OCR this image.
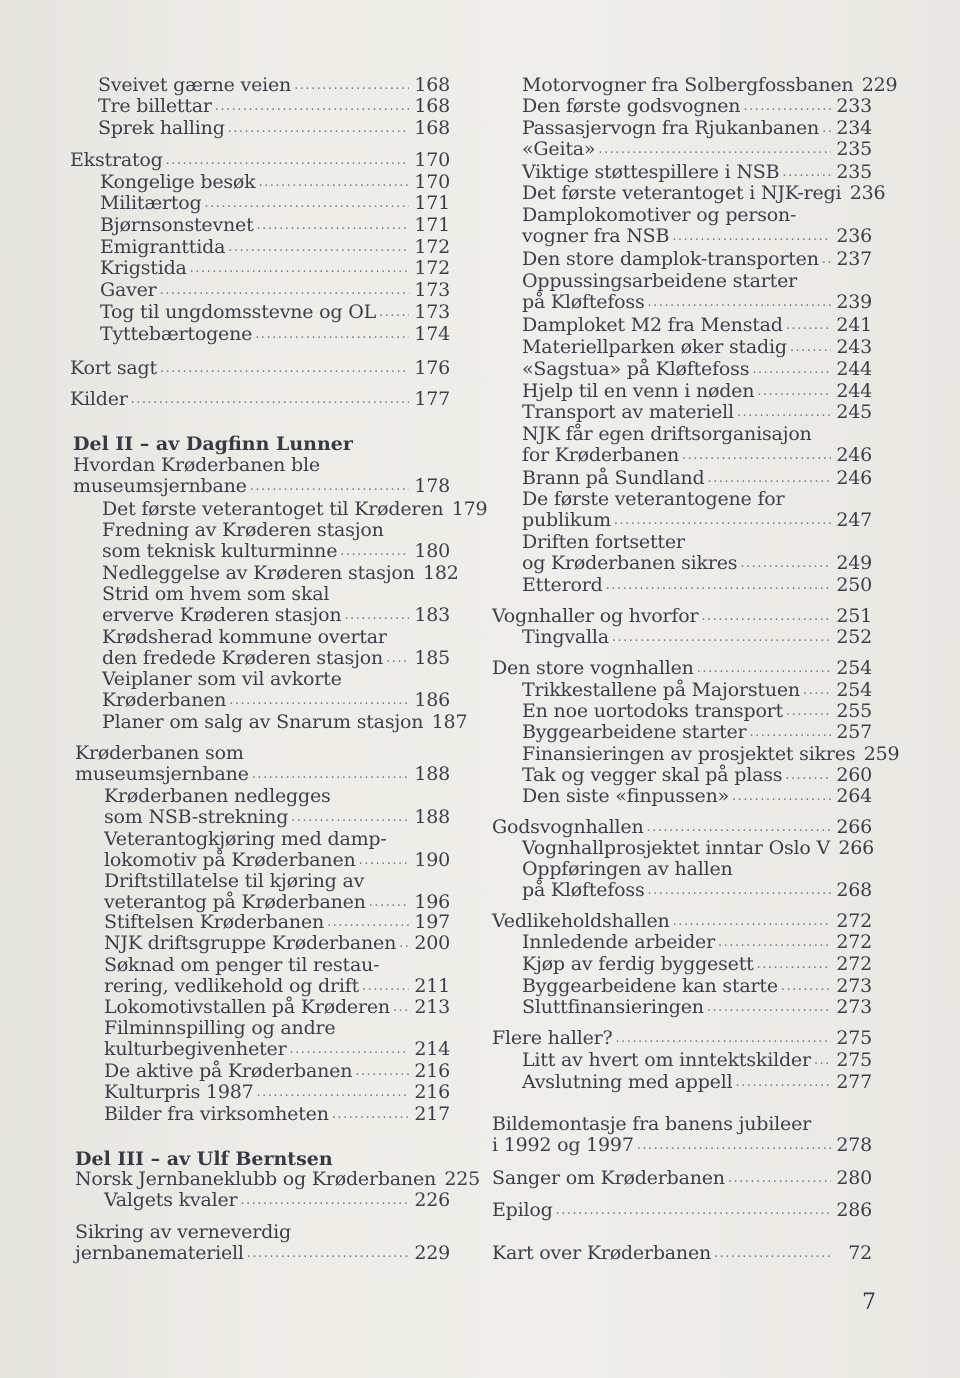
Sveivet gærne veien .....	168
Tre billettar .....	168
Sprek halling .....	168
Ekstratog .....	170
Kongelige besøk .....	170
Militærtog .....	171
Bjørnsonstevnet .....	171
Emigranttida .....	172
Krigstida .....	172
Gaver .....	173
Tog til ungdomsstevne og OL ..... 173
Tyttebærtogene .....	174
Kort sagt .....	176
Kilder .....	177
Del II – av Dagfinn Lunner
Hvordan Krøderbanen ble
museumsjernbane .....	178
Det første veterantoget til Krøderen 179
Fredning av Krøderen stasjon
som teknisk kulturminne .....	180
Nedleggelse av Krøderen stasjon 182
Strid om hvem som skal
erverve Krøderen stasjon .....	183
Krødsherad kommune overtar
den fredede Krøderen stasjon ..... 185
Veiplaner som vil avkorte
Krøderbanen .....	186
Planer om salg av Snarum stasjon 187
Krøderbanen som
museumsjernbane .....	188
Krøderbanen nedlegges
som NSB-strekning .....	188
Veterantogkjøring med damp-
lokomotiv på Krøderbanen .....	190
Driftstillatelse til kjøring av
veterantog på Krøderbanen .....	196
Stiftelsen Krøderbanen .....	197
NJK driftsgruppe Krøderbanen ..... 200
Søknad om penger til restau-
rering, vedlikehold og drift .....	211
Lokomotivstallen på Krøderen ..... 213
Filminnspilling og andre
kulturbegivenheter .....	214
De aktive på Krøderbanen .....	216
Kulturpris 1987 .....	216
Bilder fra virksomheten .....	217
Del III – av Ulf Berntsen
Norsk Jernbaneklubb og Krøderbanen 225
Valgets kvaler .....	226
Sikring av verneverdig
jernbanemateriell .....	229
Motorvogner fra Solbergfossbanen 229
Den første godsvognen .....	233
Passasjervogn fra Rjukanbanen ..... 234
«Geita» .....	235
Viktige støttespillere i NSB .....	235
Det første veterantoget i NJK-regi 236
Damplokomotiver og person-
vogner fra NSB .....	236
Den store damplok-transporten ..... 237
Oppussingsarbeidene starter
på Kløftefoss .....	239
Damploket M2 fra Menstad .....	241
Materiellparken øker stadig .....	243
«Sagstua» på Kløftefoss .....	244
Hjelp til en venn i nøden .....	244
Transport av materiell .....	245
NJK får egen driftsorganisajon
for Krøderbanen .....	246
Brann på Sundland .....	246
De første veterantogene for
publikum .....	247
Driften fortsetter
og Krøderbanen sikres .....	249
Etterord .....	250
Vognhaller og hvorfor .....	251
Tingvalla .....	252
Den store vognhallen .....	254
Trikkestallene på Majorstuen ..... 254
En noe uortodoks transport .....	255
Byggearbeidene starter .....	257
Finansieringen av prosjektet sikres 259
Tak og vegger skal på plass .....	260
Den siste «finpussen» .....	264
Godsvognhallen .....	266
Vognhallprosjektet inntar Oslo V 266
Oppføringen av hallen
på Kløftefoss .....	268
Vedlikeholdshallen .....	272
Innledende arbeider .....	272
Kjøp av ferdig byggesett .....	272
Byggearbeidene kan starte .....	273
Sluttfinansieringen .....	273
Flere haller? .....	275
Litt av hvert om inntektskilder ..... 275
Avslutning med appell .....	277
Bildemontasje fra banens jubileer
i 1992 og 1997 .....	278
Sanger om Krøderbanen .....	280
Epilog .....	286
Kart over Krøderbanen .....	72
7
